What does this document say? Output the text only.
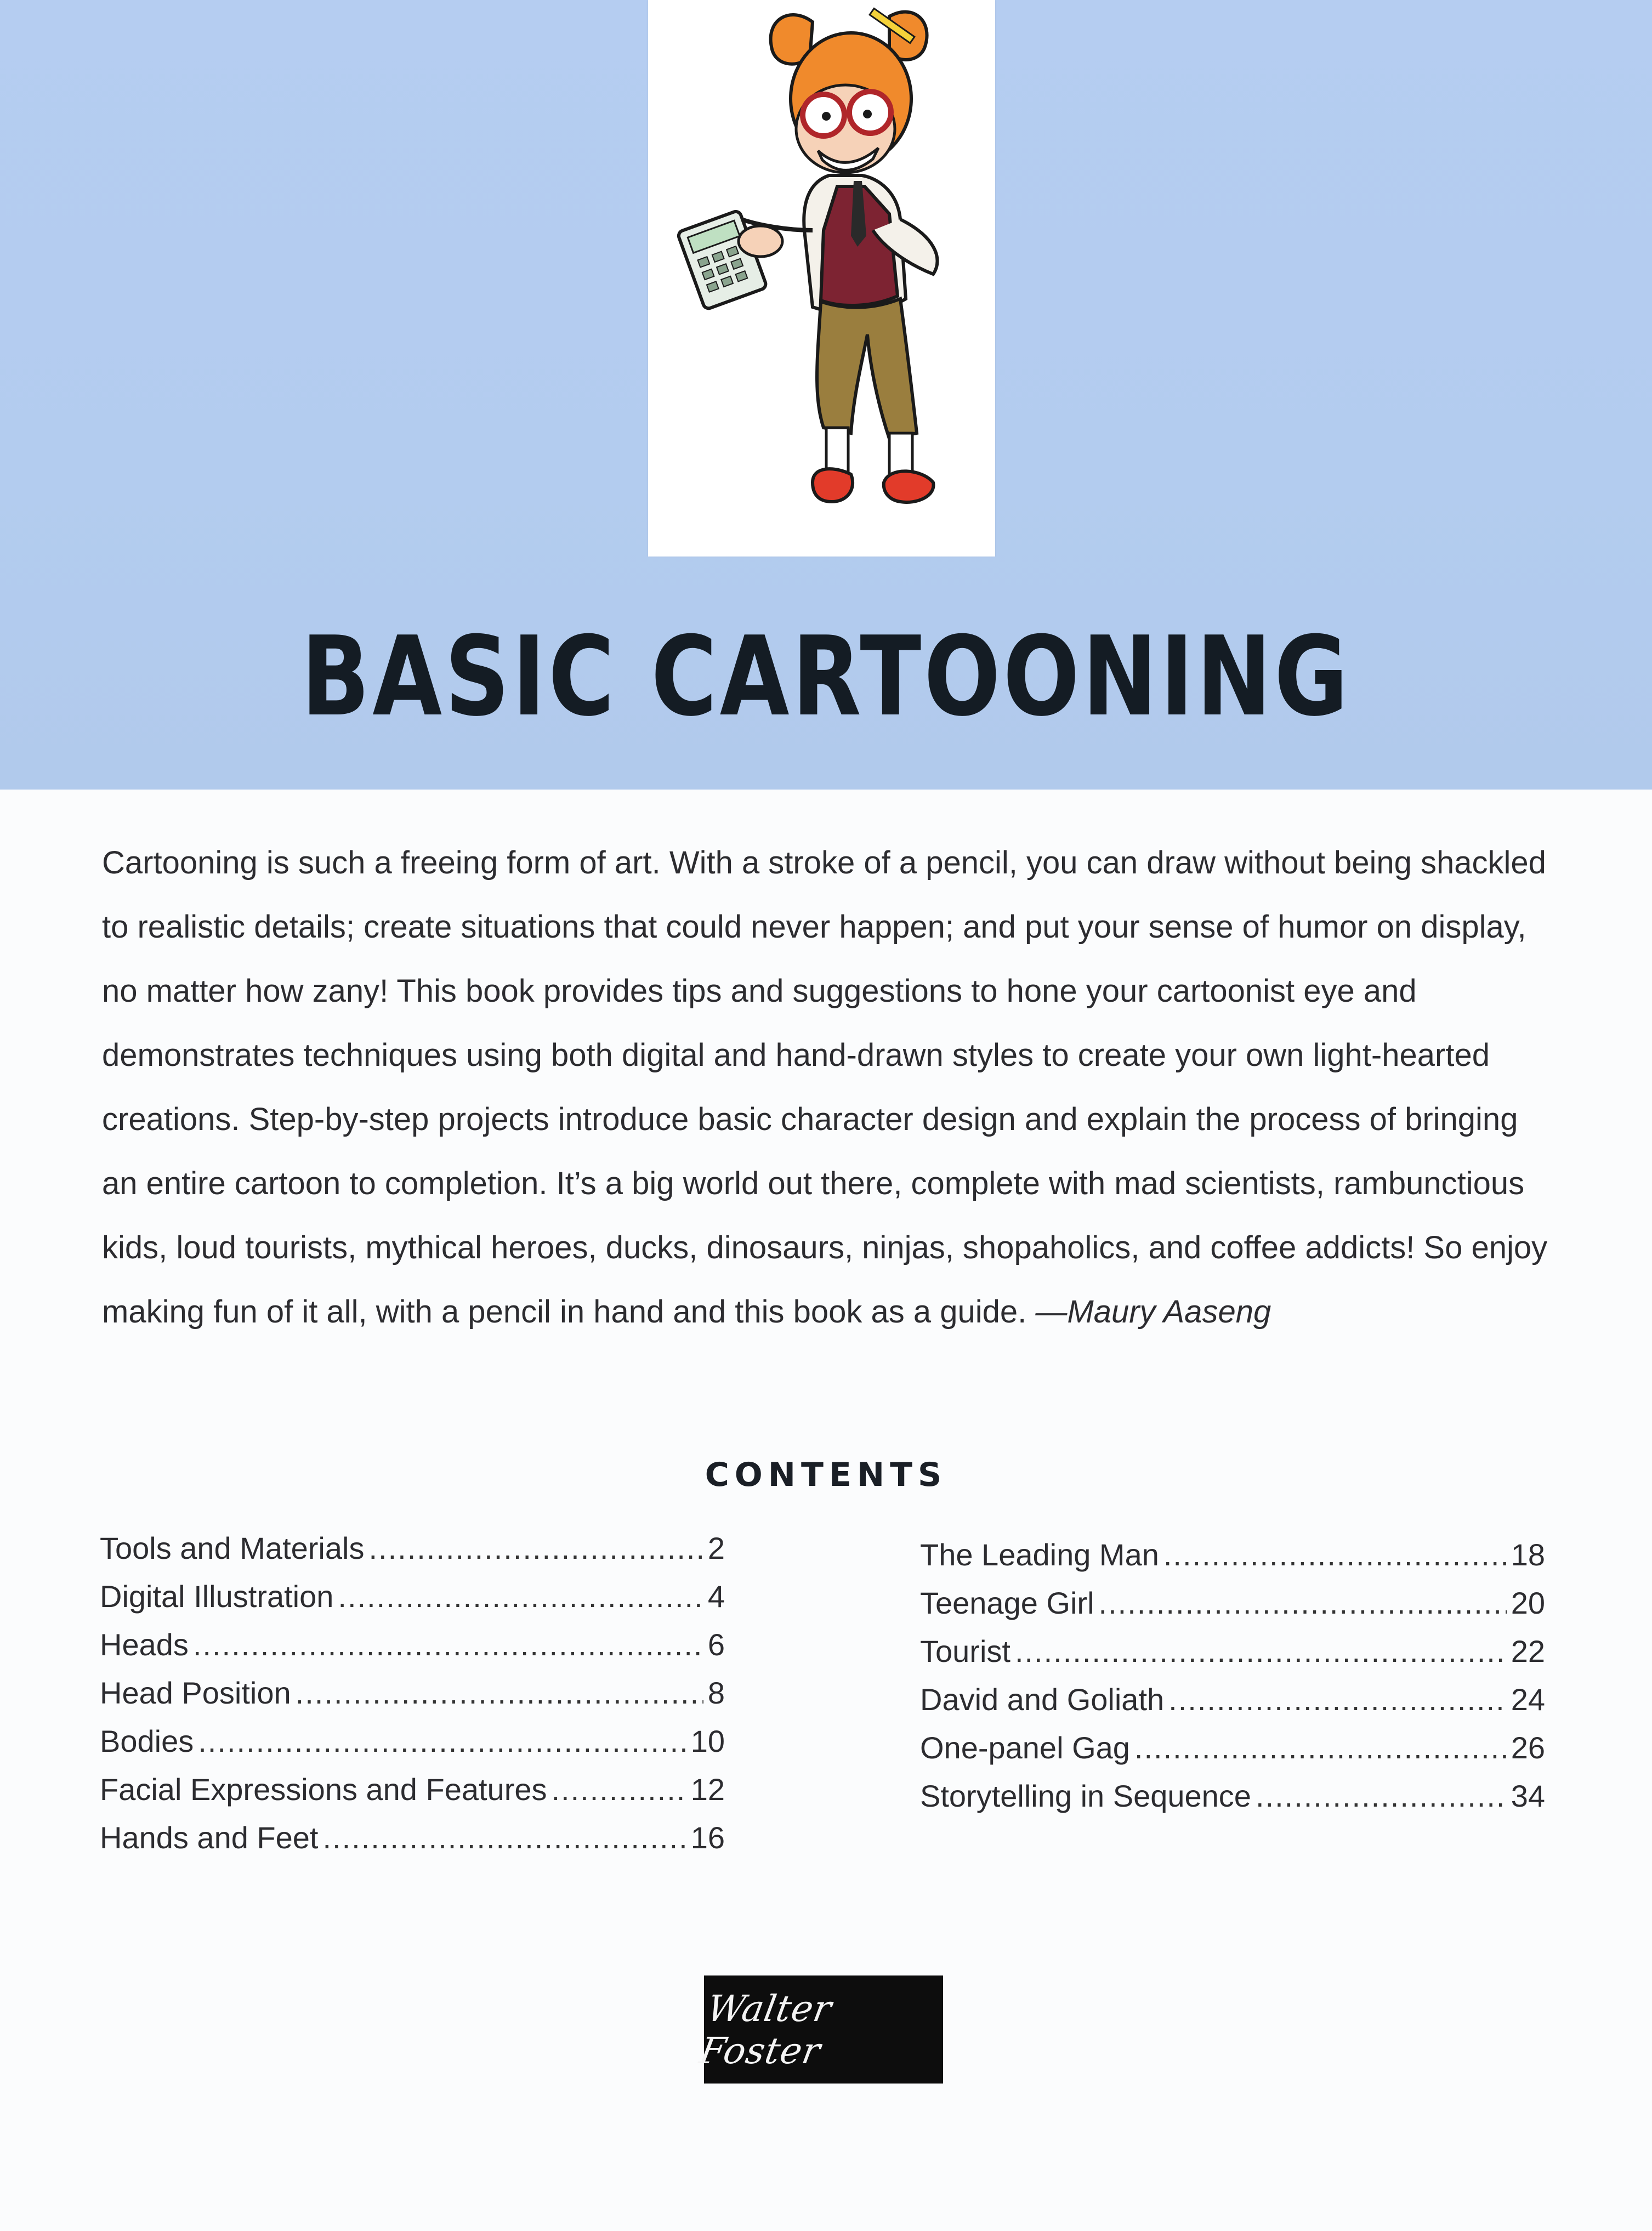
BASIC CARTOONING

Cartooning is such a freeing form of art. With a stroke of a pencil, you can draw without being shackled to realistic details; create situations that could never happen; and put your sense of humor on display, no matter how zany! This book provides tips and suggestions to hone your cartoonist eye and demonstrates techniques using both digital and hand-drawn styles to create your own light-hearted creations. Step-by-step projects introduce basic character design and explain the process of bringing an entire cartoon to completion. It’s a big world out there, complete with mad scientists, rambunctious kids, loud tourists, mythical heroes, ducks, dinosaurs, ninjas, shopaholics, and coffee addicts! So enjoy making fun of it all, with a pencil in hand and this book as a guide. —Maury Aaseng

CONTENTS
Tools and Materials .....	2
Digital Illustration .....	4
Heads .....	6
Head Position .....	8
Bodies .....	10
Facial Expressions and Features .....	12
Hands and Feet .....	16
The Leading Man .....	18
Teenage Girl .....	20
Tourist .....	22
David and Goliath .....	24
One-panel Gag .....	26
Storytelling in Sequence .....	34
Walter Foster
